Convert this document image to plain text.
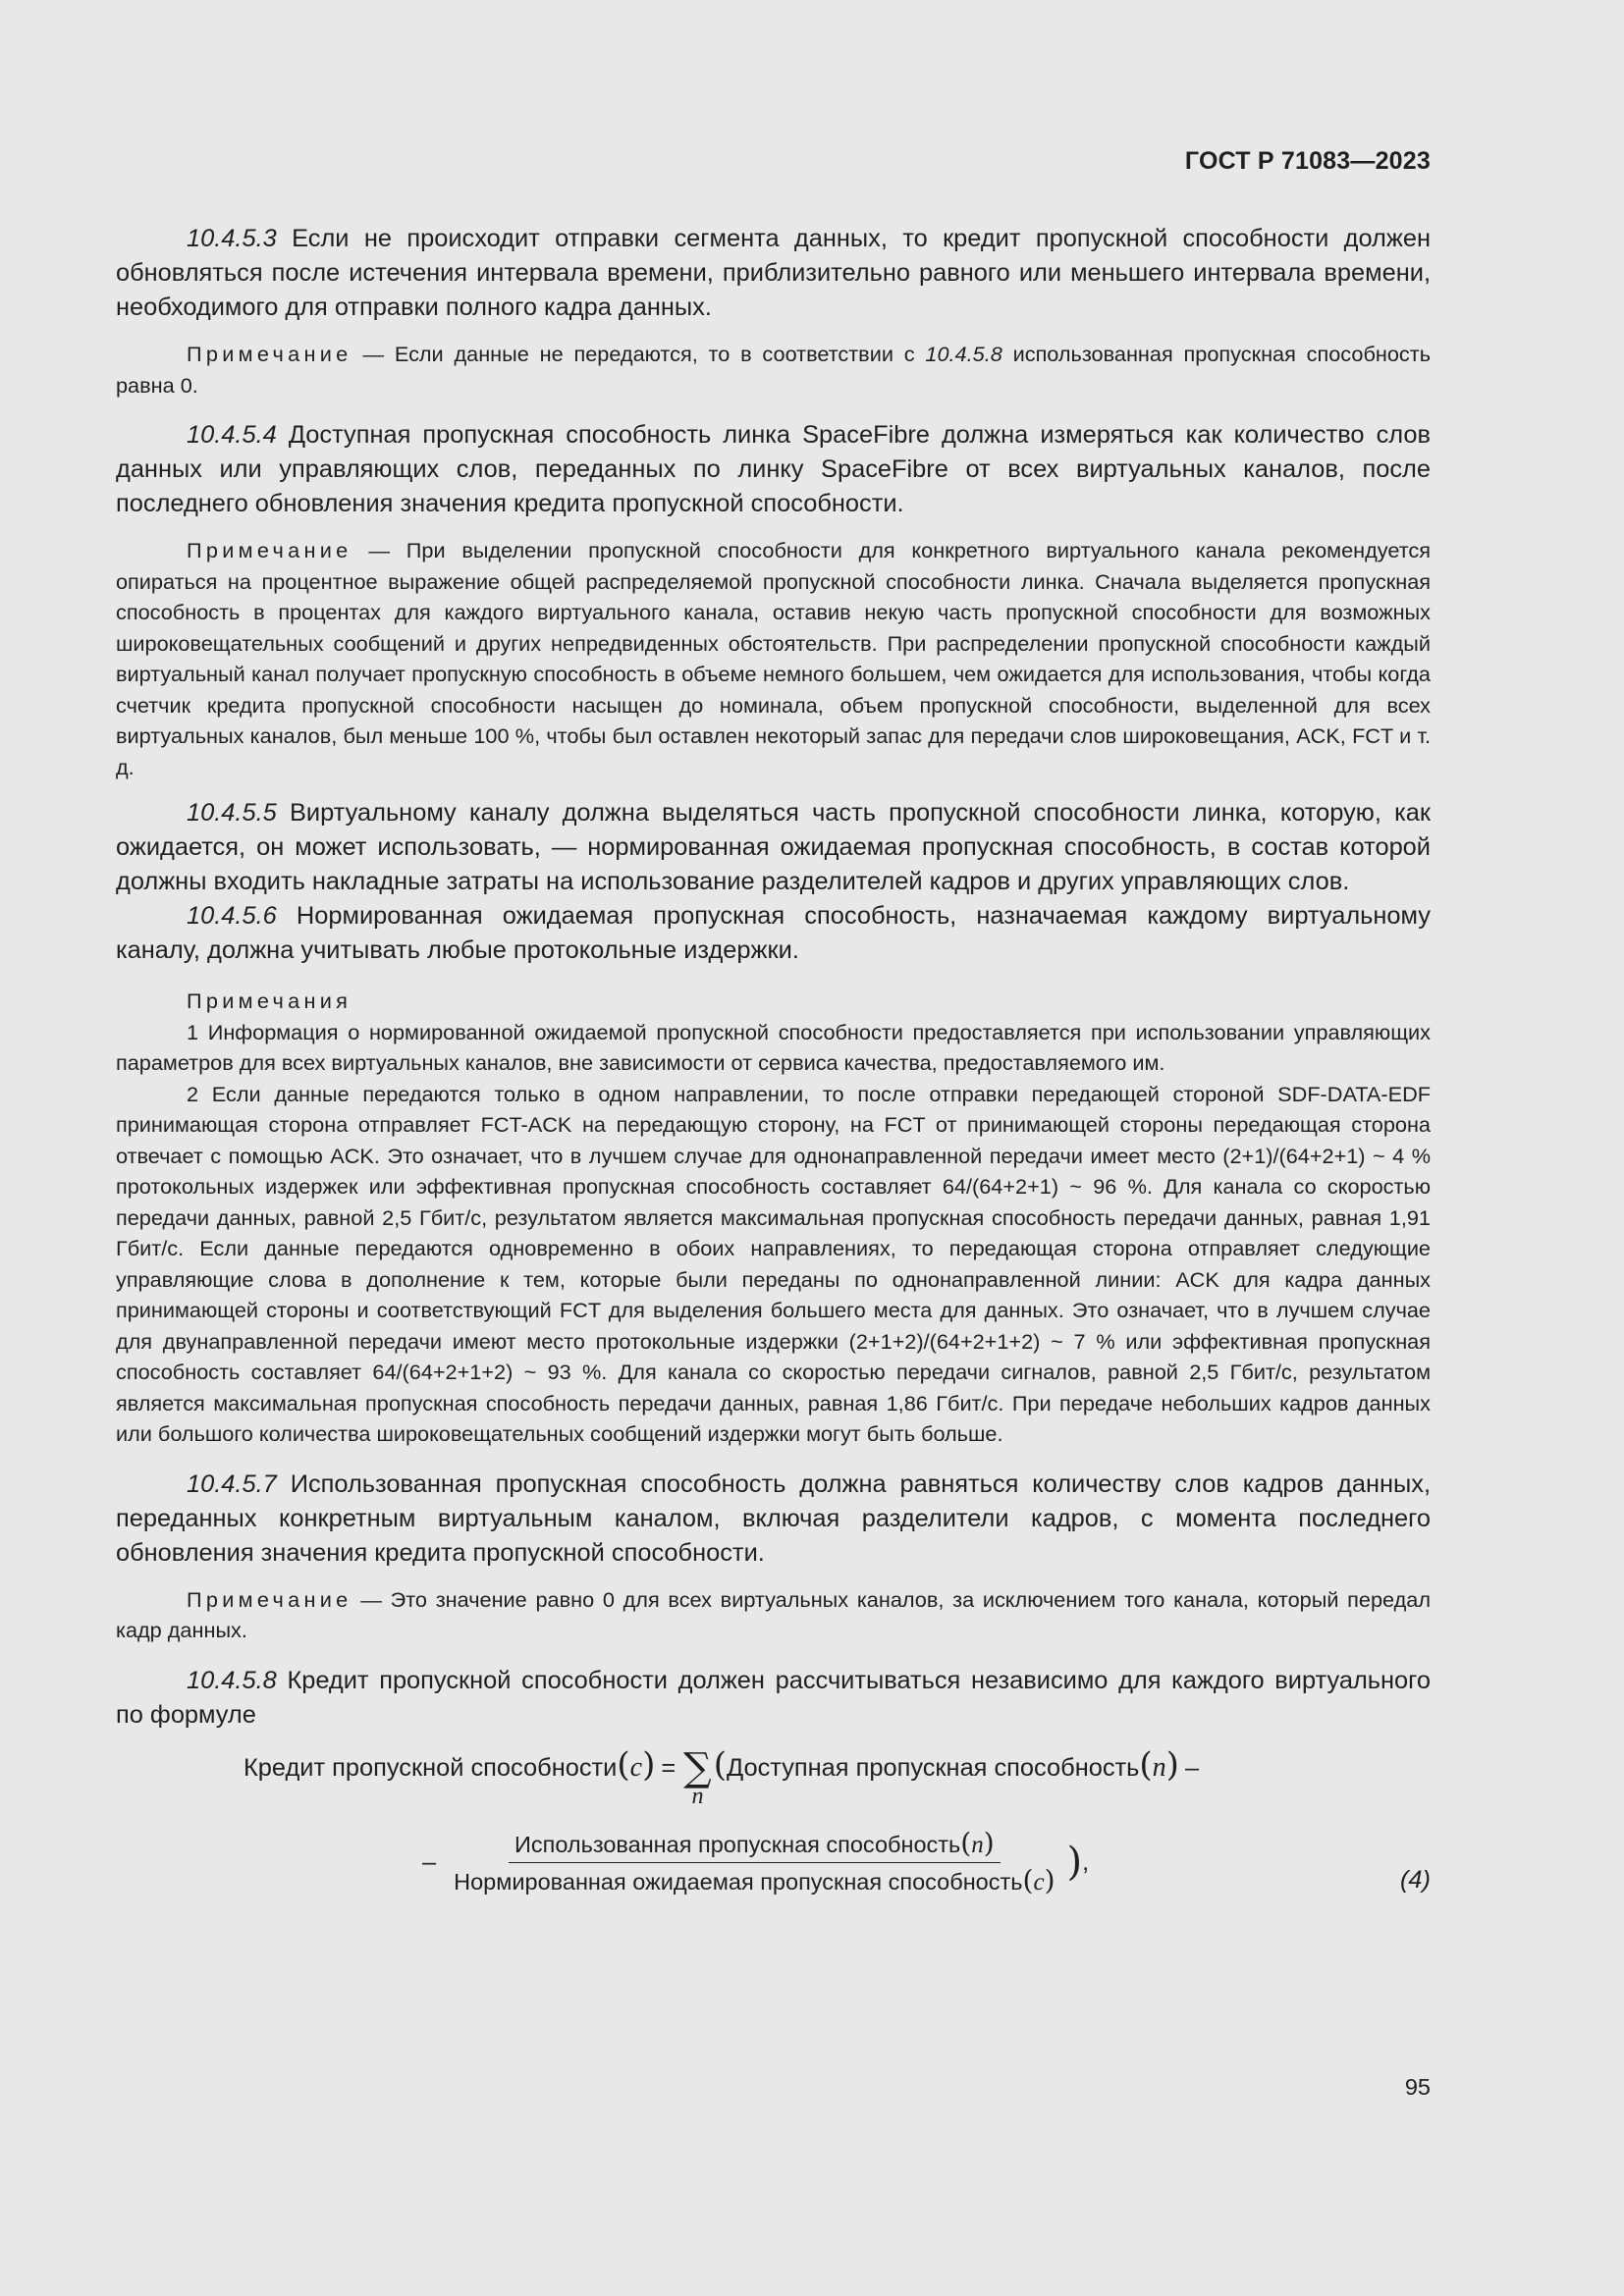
ГОСТ Р 71083—2023

10.4.5.3 Если не происходит отправки сегмента данных, то кредит пропускной способности должен обновляться после истечения интервала времени, приблизительно равного или меньшего интервала времени, необходимого для отправки полного кадра данных.

Примечание — Если данные не передаются, то в соответствии с 10.4.5.8 использованная пропускная способность равна 0.

10.4.5.4 Доступная пропускная способность линка SpaceFibre должна измеряться как количество слов данных или управляющих слов, переданных по линку SpaceFibre от всех виртуальных каналов, после последнего обновления значения кредита пропускной способности.

Примечание — При выделении пропускной способности для конкретного виртуального канала рекомендуется опираться на процентное выражение общей распределяемой пропускной способности линка. Сначала выделяется пропускная способность в процентах для каждого виртуального канала, оставив некую часть пропускной способности для возможных широковещательных сообщений и других непредвиденных обстоятельств. При распределении пропускной способности каждый виртуальный канал получает пропускную способность в объеме немного большем, чем ожидается для использования, чтобы когда счетчик кредита пропускной способности насыщен до номинала, объем пропускной способности, выделенной для всех виртуальных каналов, был меньше 100 %, чтобы был оставлен некоторый запас для передачи слов широковещания, ACK, FCT и т. д.

10.4.5.5 Виртуальному каналу должна выделяться часть пропускной способности линка, которую, как ожидается, он может использовать, — нормированная ожидаемая пропускная способность, в состав которой должны входить накладные затраты на использование разделителей кадров и других управляющих слов.

10.4.5.6 Нормированная ожидаемая пропускная способность, назначаемая каждому виртуальному каналу, должна учитывать любые протокольные издержки.

Примечания

1 Информация о нормированной ожидаемой пропускной способности предоставляется при использовании управляющих параметров для всех виртуальных каналов, вне зависимости от сервиса качества, предоставляемого им.

2 Если данные передаются только в одном направлении, то после отправки передающей стороной SDF-DATA-EDF принимающая сторона отправляет FCT-ACK на передающую сторону, на FCT от принимающей стороны передающая сторона отвечает с помощью ACK. Это означает, что в лучшем случае для однонаправленной передачи имеет место (2+1)/(64+2+1) ~ 4 % протокольных издержек или эффективная пропускная способность составляет 64/(64+2+1) ~ 96 %. Для канала со скоростью передачи данных, равной 2,5 Гбит/с, результатом является максимальная пропускная способность передачи данных, равная 1,91 Гбит/с. Если данные передаются одновременно в обоих направлениях, то передающая сторона отправляет следующие управляющие слова в дополнение к тем, которые были переданы по однонаправленной линии: ACK для кадра данных принимающей стороны и соответствующий FCT для выделения большего места для данных. Это означает, что в лучшем случае для двунаправленной передачи имеют место протокольные издержки (2+1+2)/(64+2+1+2) ~ 7 % или эффективная пропускная способность составляет 64/(64+2+1+2) ~ 93 %. Для канала со скоростью передачи сигналов, равной 2,5 Гбит/с, результатом является максимальная пропускная способность передачи данных, равная 1,86 Гбит/с. При передаче небольших кадров данных или большого количества широковещательных сообщений издержки могут быть больше.

10.4.5.7 Использованная пропускная способность должна равняться количеству слов кадров данных, переданных конкретным виртуальным каналом, включая разделители кадров, с момента последнего обновления значения кредита пропускной способности.

Примечание — Это значение равно 0 для всех виртуальных каналов, за исключением того канала, который передал кадр данных.

10.4.5.8 Кредит пропускной способности должен рассчитываться независимо для каждого виртуального по формуле

Кредит пропускной способности ( c ) = ∑
n
( Доступная пропускная способность ( n ) –
– $\frac{\text{Использованная пропускная способность(n)}}{\text{Нормированная ожидаемая пропускная способность(c)}}$ ) ,
(4)
95
